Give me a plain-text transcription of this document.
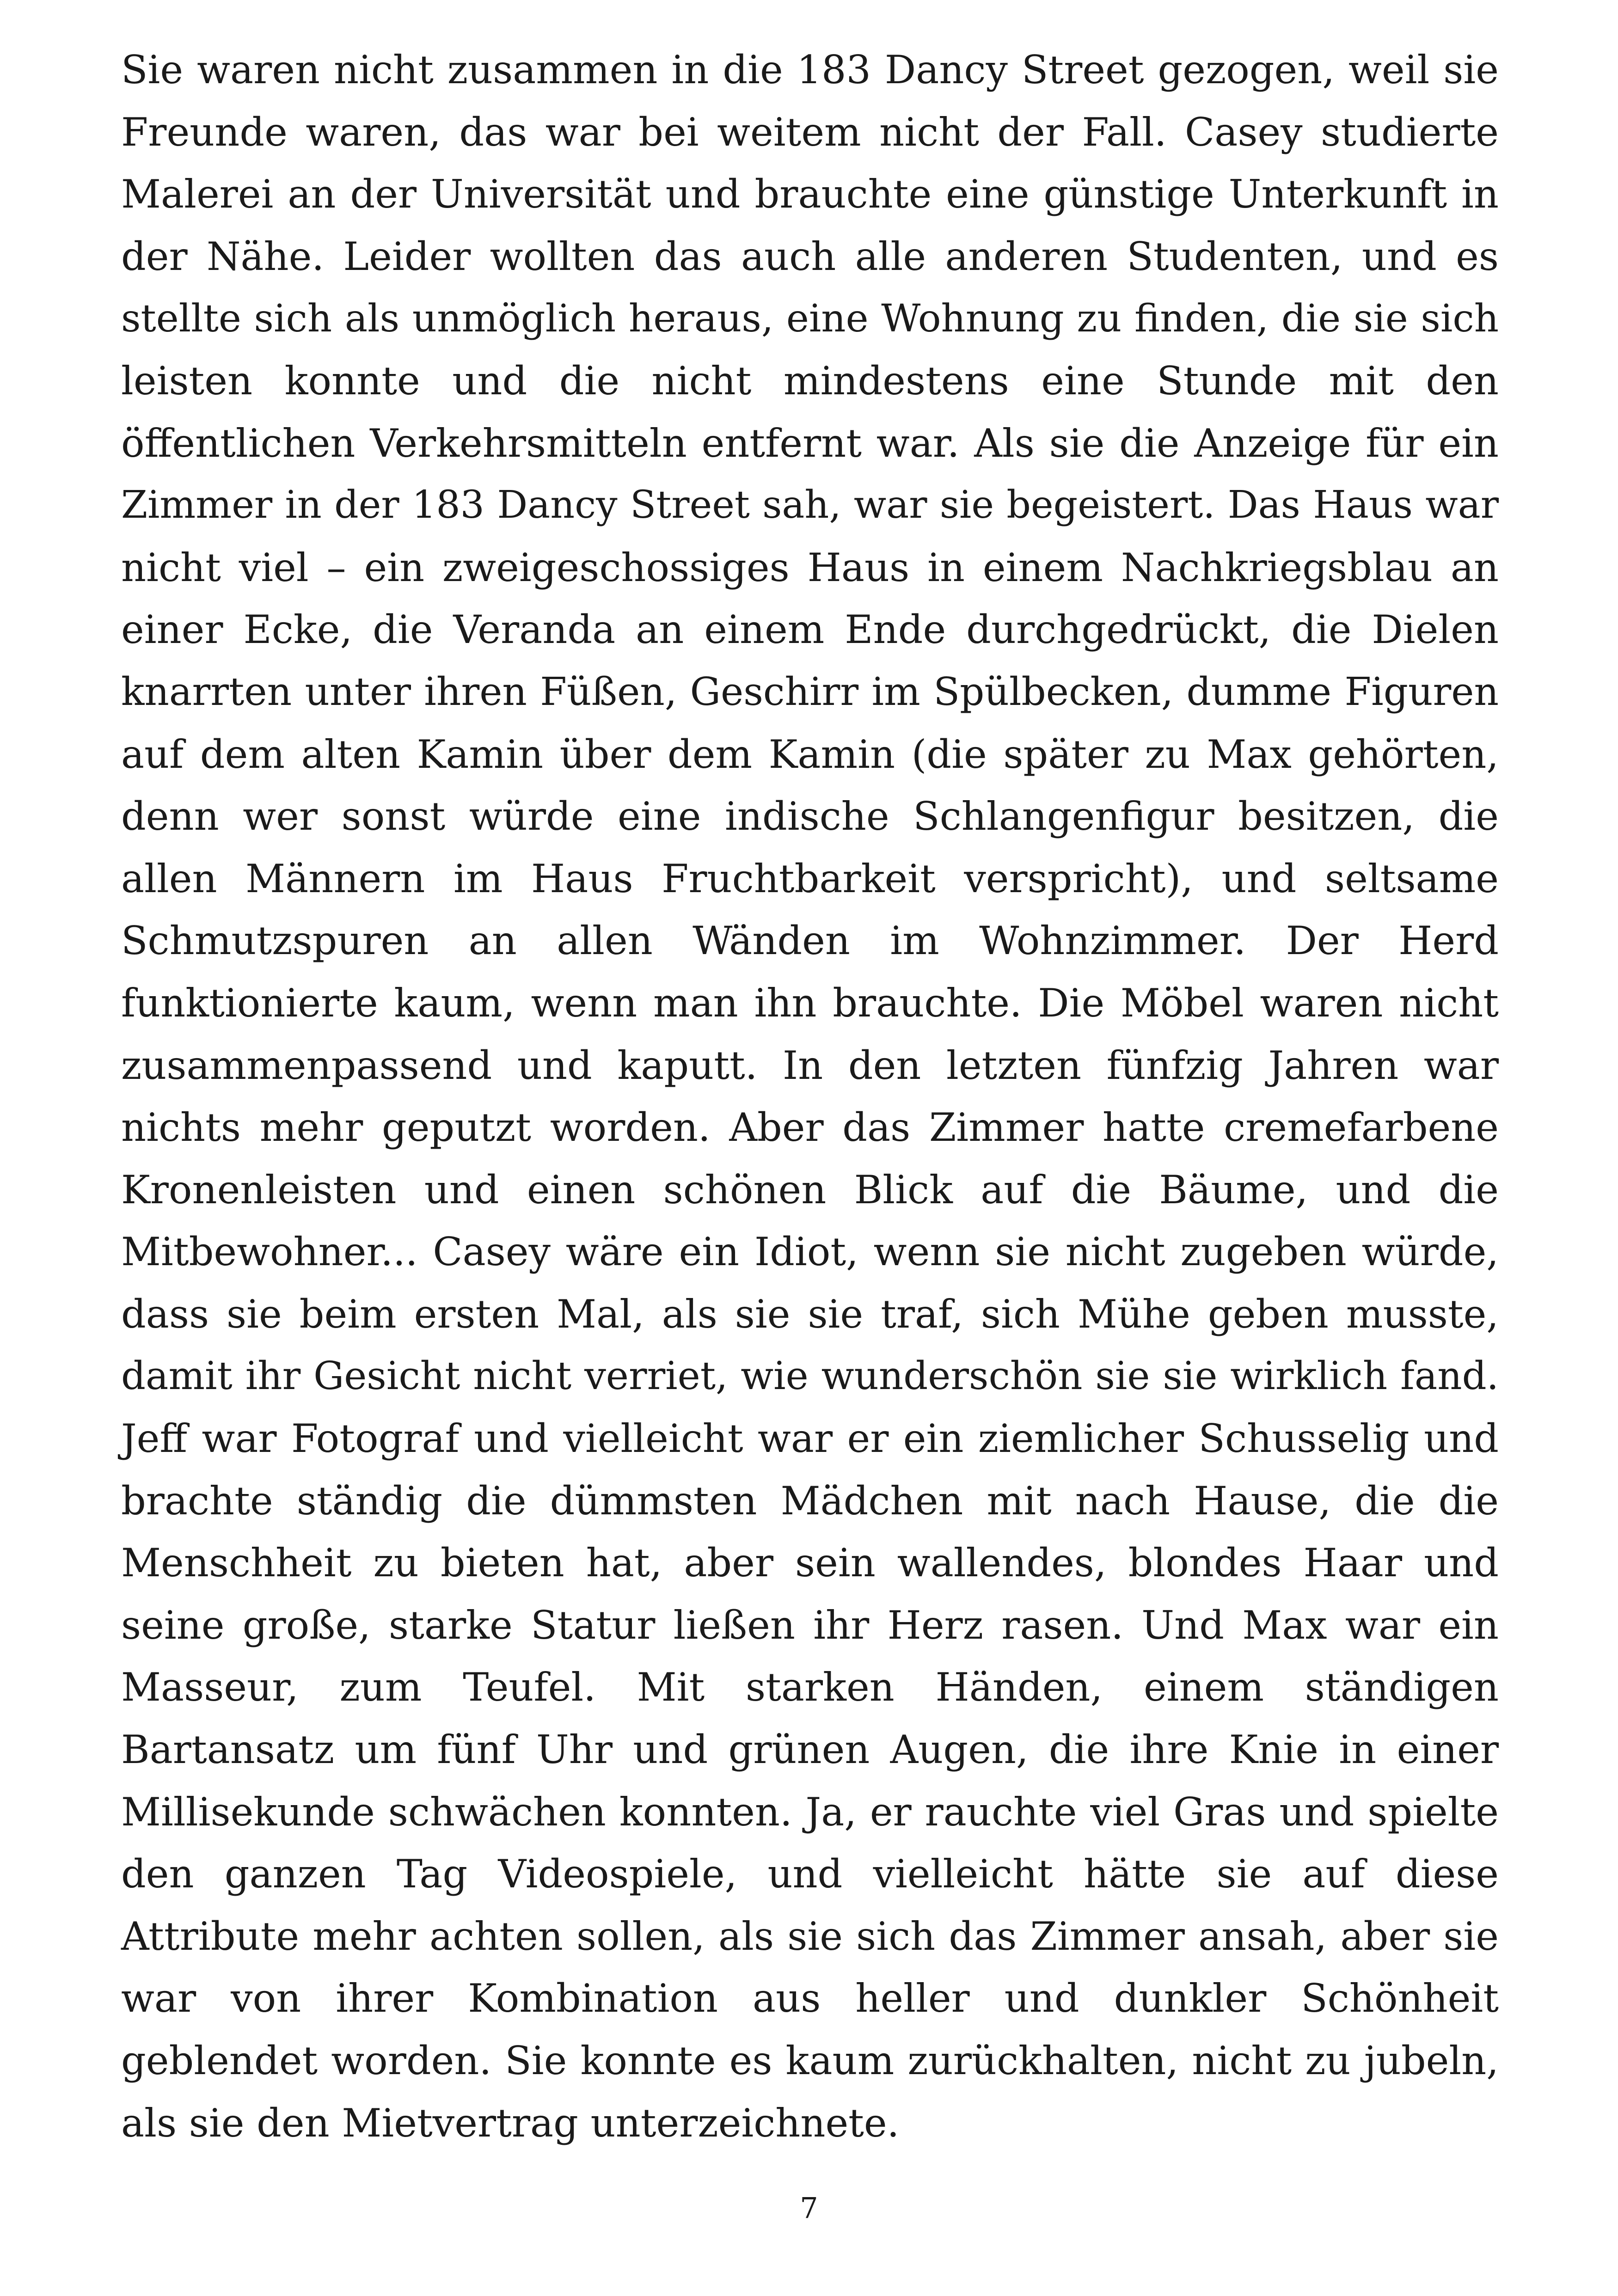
Sie waren nicht zusammen in die 183 Dancy Street gezogen, weil sie
Freunde waren, das war bei weitem nicht der Fall. Casey studierte
Malerei an der Universität und brauchte eine günstige Unterkunft in
der Nähe. Leider wollten das auch alle anderen Studenten, und es
stellte sich als unmöglich heraus, eine Wohnung zu finden, die sie sich
leisten konnte und die nicht mindestens eine Stunde mit den
öffentlichen Verkehrsmitteln entfernt war. Als sie die Anzeige für ein
Zimmer in der 183 Dancy Street sah, war sie begeistert. Das Haus war
nicht viel – ein zweigeschossiges Haus in einem Nachkriegsblau an
einer Ecke, die Veranda an einem Ende durchgedrückt, die Dielen
knarrten unter ihren Füßen, Geschirr im Spülbecken, dumme Figuren
auf dem alten Kamin über dem Kamin (die später zu Max gehörten,
denn wer sonst würde eine indische Schlangenfigur besitzen, die
allen Männern im Haus Fruchtbarkeit verspricht), und seltsame
Schmutzspuren an allen Wänden im Wohnzimmer. Der Herd
funktionierte kaum, wenn man ihn brauchte. Die Möbel waren nicht
zusammenpassend und kaputt. In den letzten fünfzig Jahren war
nichts mehr geputzt worden. Aber das Zimmer hatte cremefarbene
Kronenleisten und einen schönen Blick auf die Bäume, und die
Mitbewohner... Casey wäre ein Idiot, wenn sie nicht zugeben würde,
dass sie beim ersten Mal, als sie sie traf, sich Mühe geben musste,
damit ihr Gesicht nicht verriet, wie wunderschön sie sie wirklich fand.
Jeff war Fotograf und vielleicht war er ein ziemlicher Schusselig und
brachte ständig die dümmsten Mädchen mit nach Hause, die die
Menschheit zu bieten hat, aber sein wallendes, blondes Haar und
seine große, starke Statur ließen ihr Herz rasen. Und Max war ein
Masseur, zum Teufel. Mit starken Händen, einem ständigen
Bartansatz um fünf Uhr und grünen Augen, die ihre Knie in einer
Millisekunde schwächen konnten. Ja, er rauchte viel Gras und spielte
den ganzen Tag Videospiele, und vielleicht hätte sie auf diese
Attribute mehr achten sollen, als sie sich das Zimmer ansah, aber sie
war von ihrer Kombination aus heller und dunkler Schönheit
geblendet worden. Sie konnte es kaum zurückhalten, nicht zu jubeln,
als sie den Mietvertrag unterzeichnete.
7
